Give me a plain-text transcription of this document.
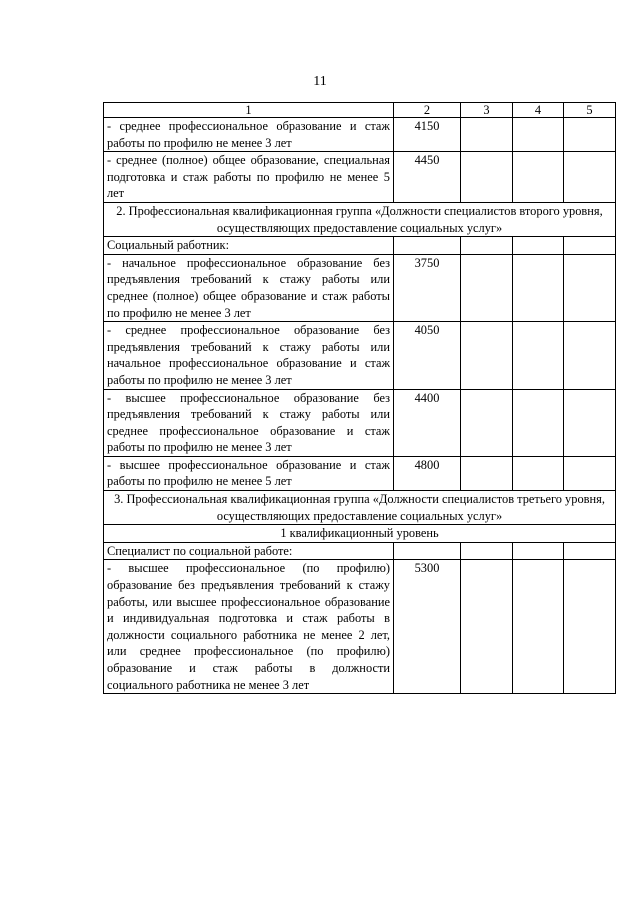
11
1	2	3	4	5
- среднее профессиональное образование и стаж работы по профилю не менее 3 лет	4150			
- среднее (полное) общее образование, специальная подготовка и стаж работы по профилю не менее 5 лет	4450			
2. Профессиональная квалификационная группа «Должности специалистов второго уровня, осуществляющих предоставление социальных услуг»				
Социальный работник:				
- начальное профессиональное образование без предъявления требований к стажу работы или среднее (полное) общее образование и стаж работы по профилю не менее 3 лет	3750			
- среднее профессиональное образование без предъявления требований к стажу работы или начальное профессиональное образование и стаж работы по профилю не менее 3 лет	4050			
- высшее профессиональное образование без предъявления требований к стажу работы или среднее профессиональное образование и стаж работы по профилю не менее 3 лет	4400			
- высшее профессиональное образование и стаж работы по профилю не менее 5 лет	4800			
3. Профессиональная квалификационная группа «Должности специалистов третьего уровня, осуществляющих предоставление социальных услуг»				
1 квалификационный уровень				
Специалист по социальной работе:				
- высшее профессиональное (по профилю) образование без предъявления требований к стажу работы, или высшее профессиональное образование и индивидуальная подготовка и стаж работы в должности социального работника не менее 2 лет, или среднее профессиональное (по профилю) образование и стаж работы в должности социального работника не менее 3 лет	5300			
